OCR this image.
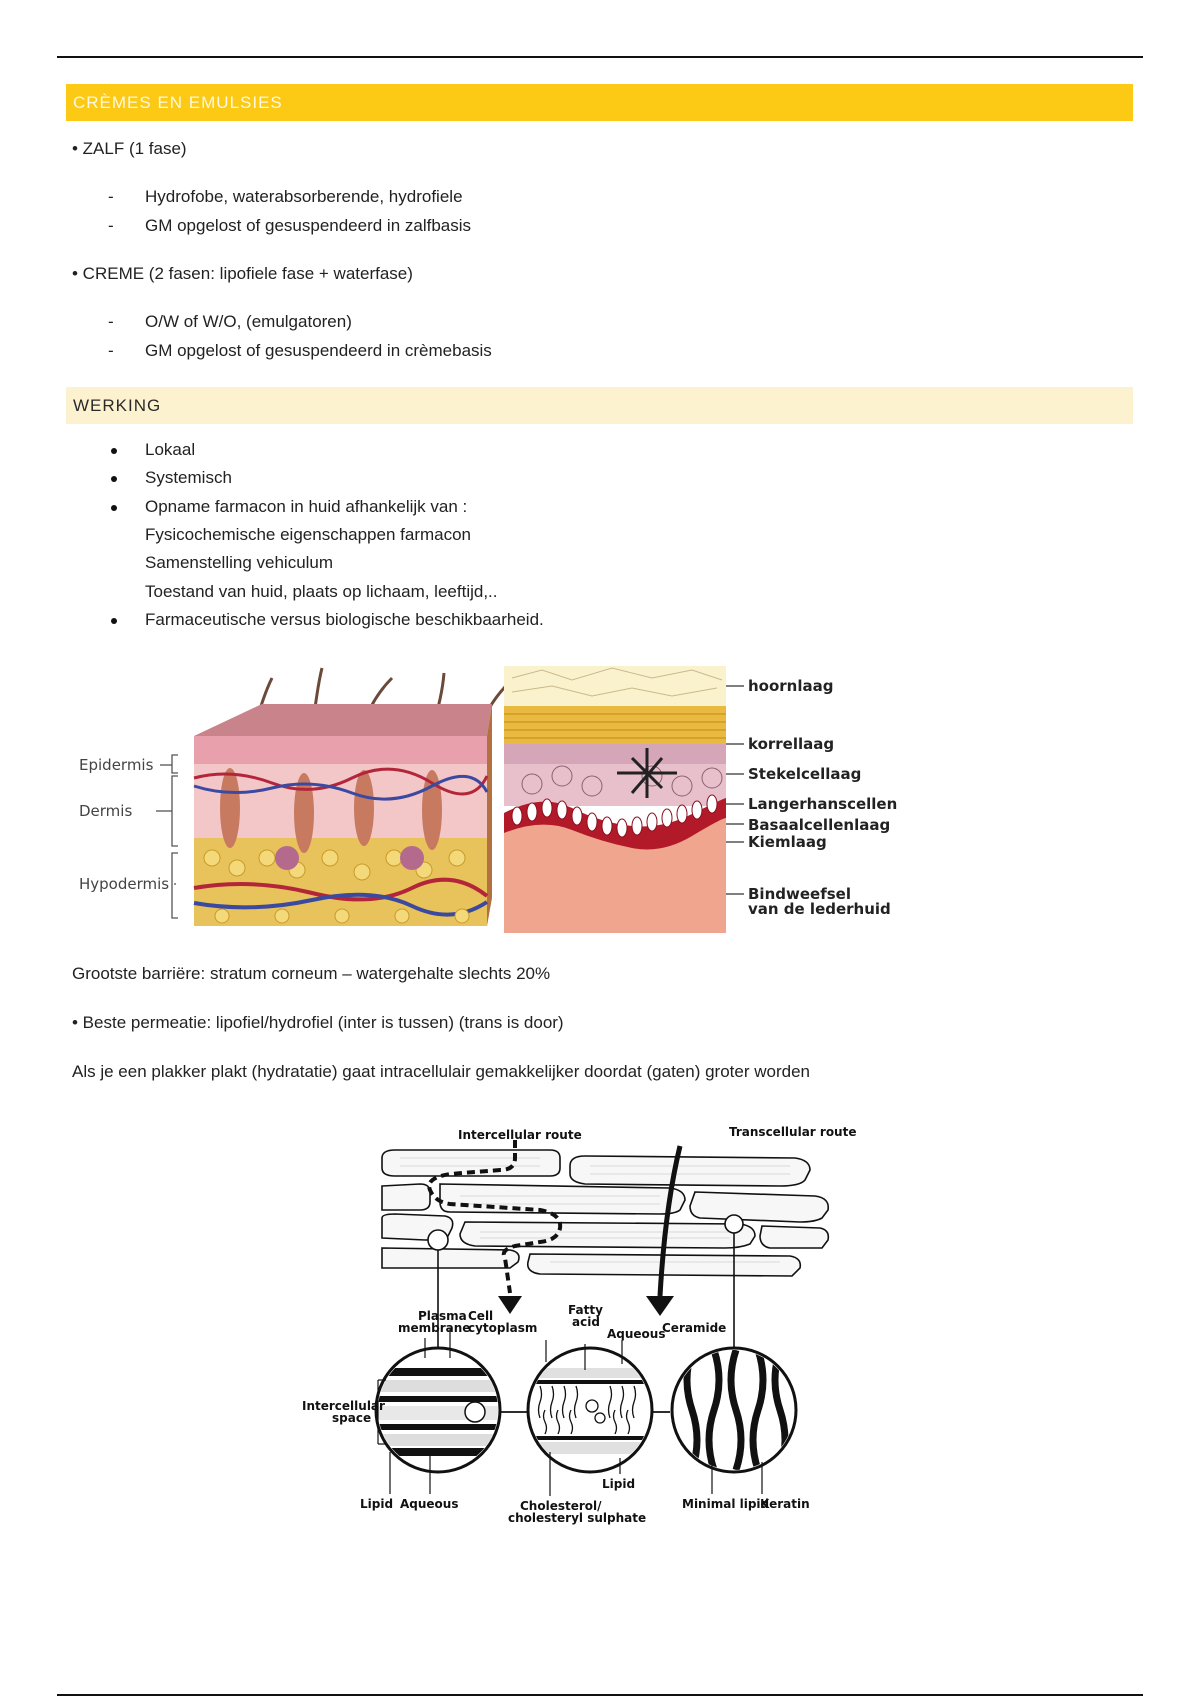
CRÈMES EN EMULSIES
• ZALF (1 fase)
- Hydrofobe, waterabsorberende, hydrofiele
- GM opgelost of gesuspendeerd in zalfbasis
• CREME (2 fasen: lipofiele fase + waterfase)
- O/W of W/O, (emulgatoren)
- GM opgelost of gesuspendeerd in crèmebasis
WERKING
Lokaal
Systemisch
Opname farmacon in huid afhankelijk van :
Fysicochemische eigenschappen farmacon
Samenstelling vehiculum
Toestand van huid, plaats op lichaam, leeftijd,..
Farmaceutische versus biologische beschikbaarheid.
Epidermis
Dermis
Hypodermis
hoornlaag
korrellaag
Stekelcellaag
Langerhanscellen
Basaalcellenlaag
Kiemlaag
Bindweefsel
van de lederhuid
Grootste barriëre: stratum corneum – watergehalte slechts 20%
• Beste permeatie: lipofiel/hydrofiel (inter is tussen) (trans is door)
Als je een plakker plakt (hydratatie) gaat intracellulair gemakkelijker doordat (gaten) groter worden
Intercellular route	Transcellular route
Plasma
membrane
Cell
cytoplasm
Fatty
acid
Aqueous
Ceramide
Intercellular
space
Lipid Aqueous	Cholesterol/
cholesteryl sulphate
Lipid
Minimal lipid
Keratin
